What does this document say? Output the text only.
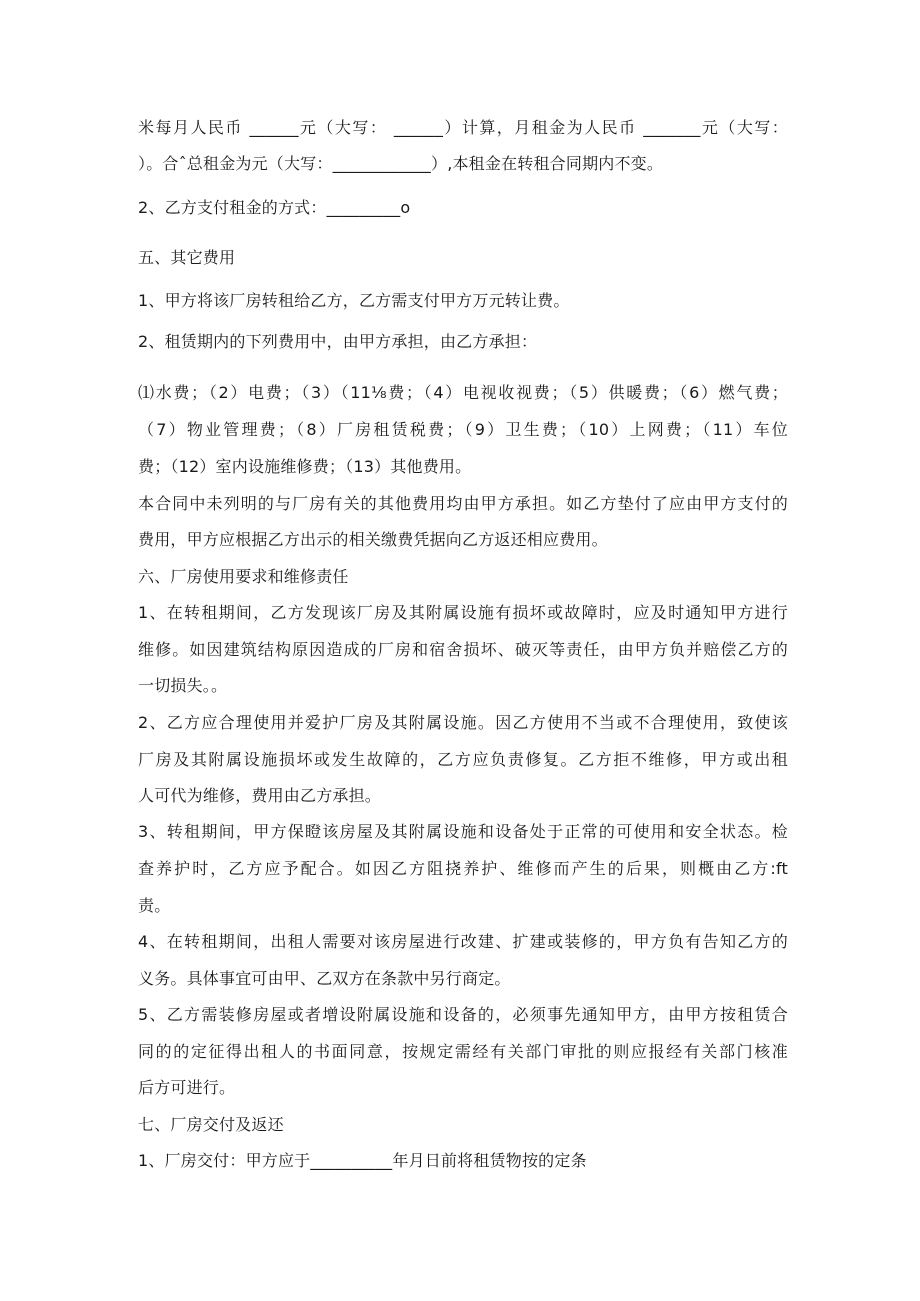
米每月人民币 ______元（大写： ______）计算，月租金为人民币 _______元（大写：
）。合ˆ总租金为元（大写：____________）,本租金在转租合同期内不变。
2、乙方支付租金的方式：_________o
五、其它费用
1、甲方将该厂房转租给乙方，乙方需支付甲方万元转让费。
2、租赁期内的下列费用中，由甲方承担，由乙方承担：
⑴水费；（2）电费；（3）（11⅛费；（4）电视收视费；（5）供暖费；（6）燃气费；
（7）物业管理费；（8）厂房租赁税费；（9）卫生费；（10）上网费；（11）车位
费；（12）室内设施维修费；（13）其他费用。
本合同中未列明的与厂房有关的其他费用均由甲方承担。如乙方垫付了应由甲方支付的
费用，甲方应根据乙方出示的相关缴费凭据向乙方返还相应费用。
六、厂房使用要求和维修责任
1、在转租期间，乙方发现该厂房及其附属设施有损坏或故障时，应及时通知甲方进行
维修。如因建筑结构原因造成的厂房和宿舍损坏、破灭等责任，由甲方负并赔偿乙方的
一切损失。。
2、乙方应合理使用并爱护厂房及其附属设施。因乙方使用不当或不合理使用，致使该
厂房及其附属设施损坏或发生故障的，乙方应负责修复。乙方拒不维修，甲方或出租
人可代为维修，费用由乙方承担。
3、转租期间，甲方保瞪该房屋及其附属设施和设备处于正常的可使用和安全状态。检
查养护时，乙方应予配合。如因乙方阻挠养护、维修而产生的后果，则概由乙方:ft
责。
4、在转租期间，出租人需要对该房屋进行改建、扩建或装修的，甲方负有告知乙方的
义务。具体事宜可由甲、乙双方在条款中另行商定。
5、乙方需装修房屋或者增设附属设施和设备的，必须事先通知甲方，由甲方按租赁合
同的的定征得出租人的书面同意，按规定需经有关部门审批的则应报经有关部门核准
后方可进行。
七、厂房交付及返还
1、厂房交付：甲方应于__________年月日前将租赁物按的定条
